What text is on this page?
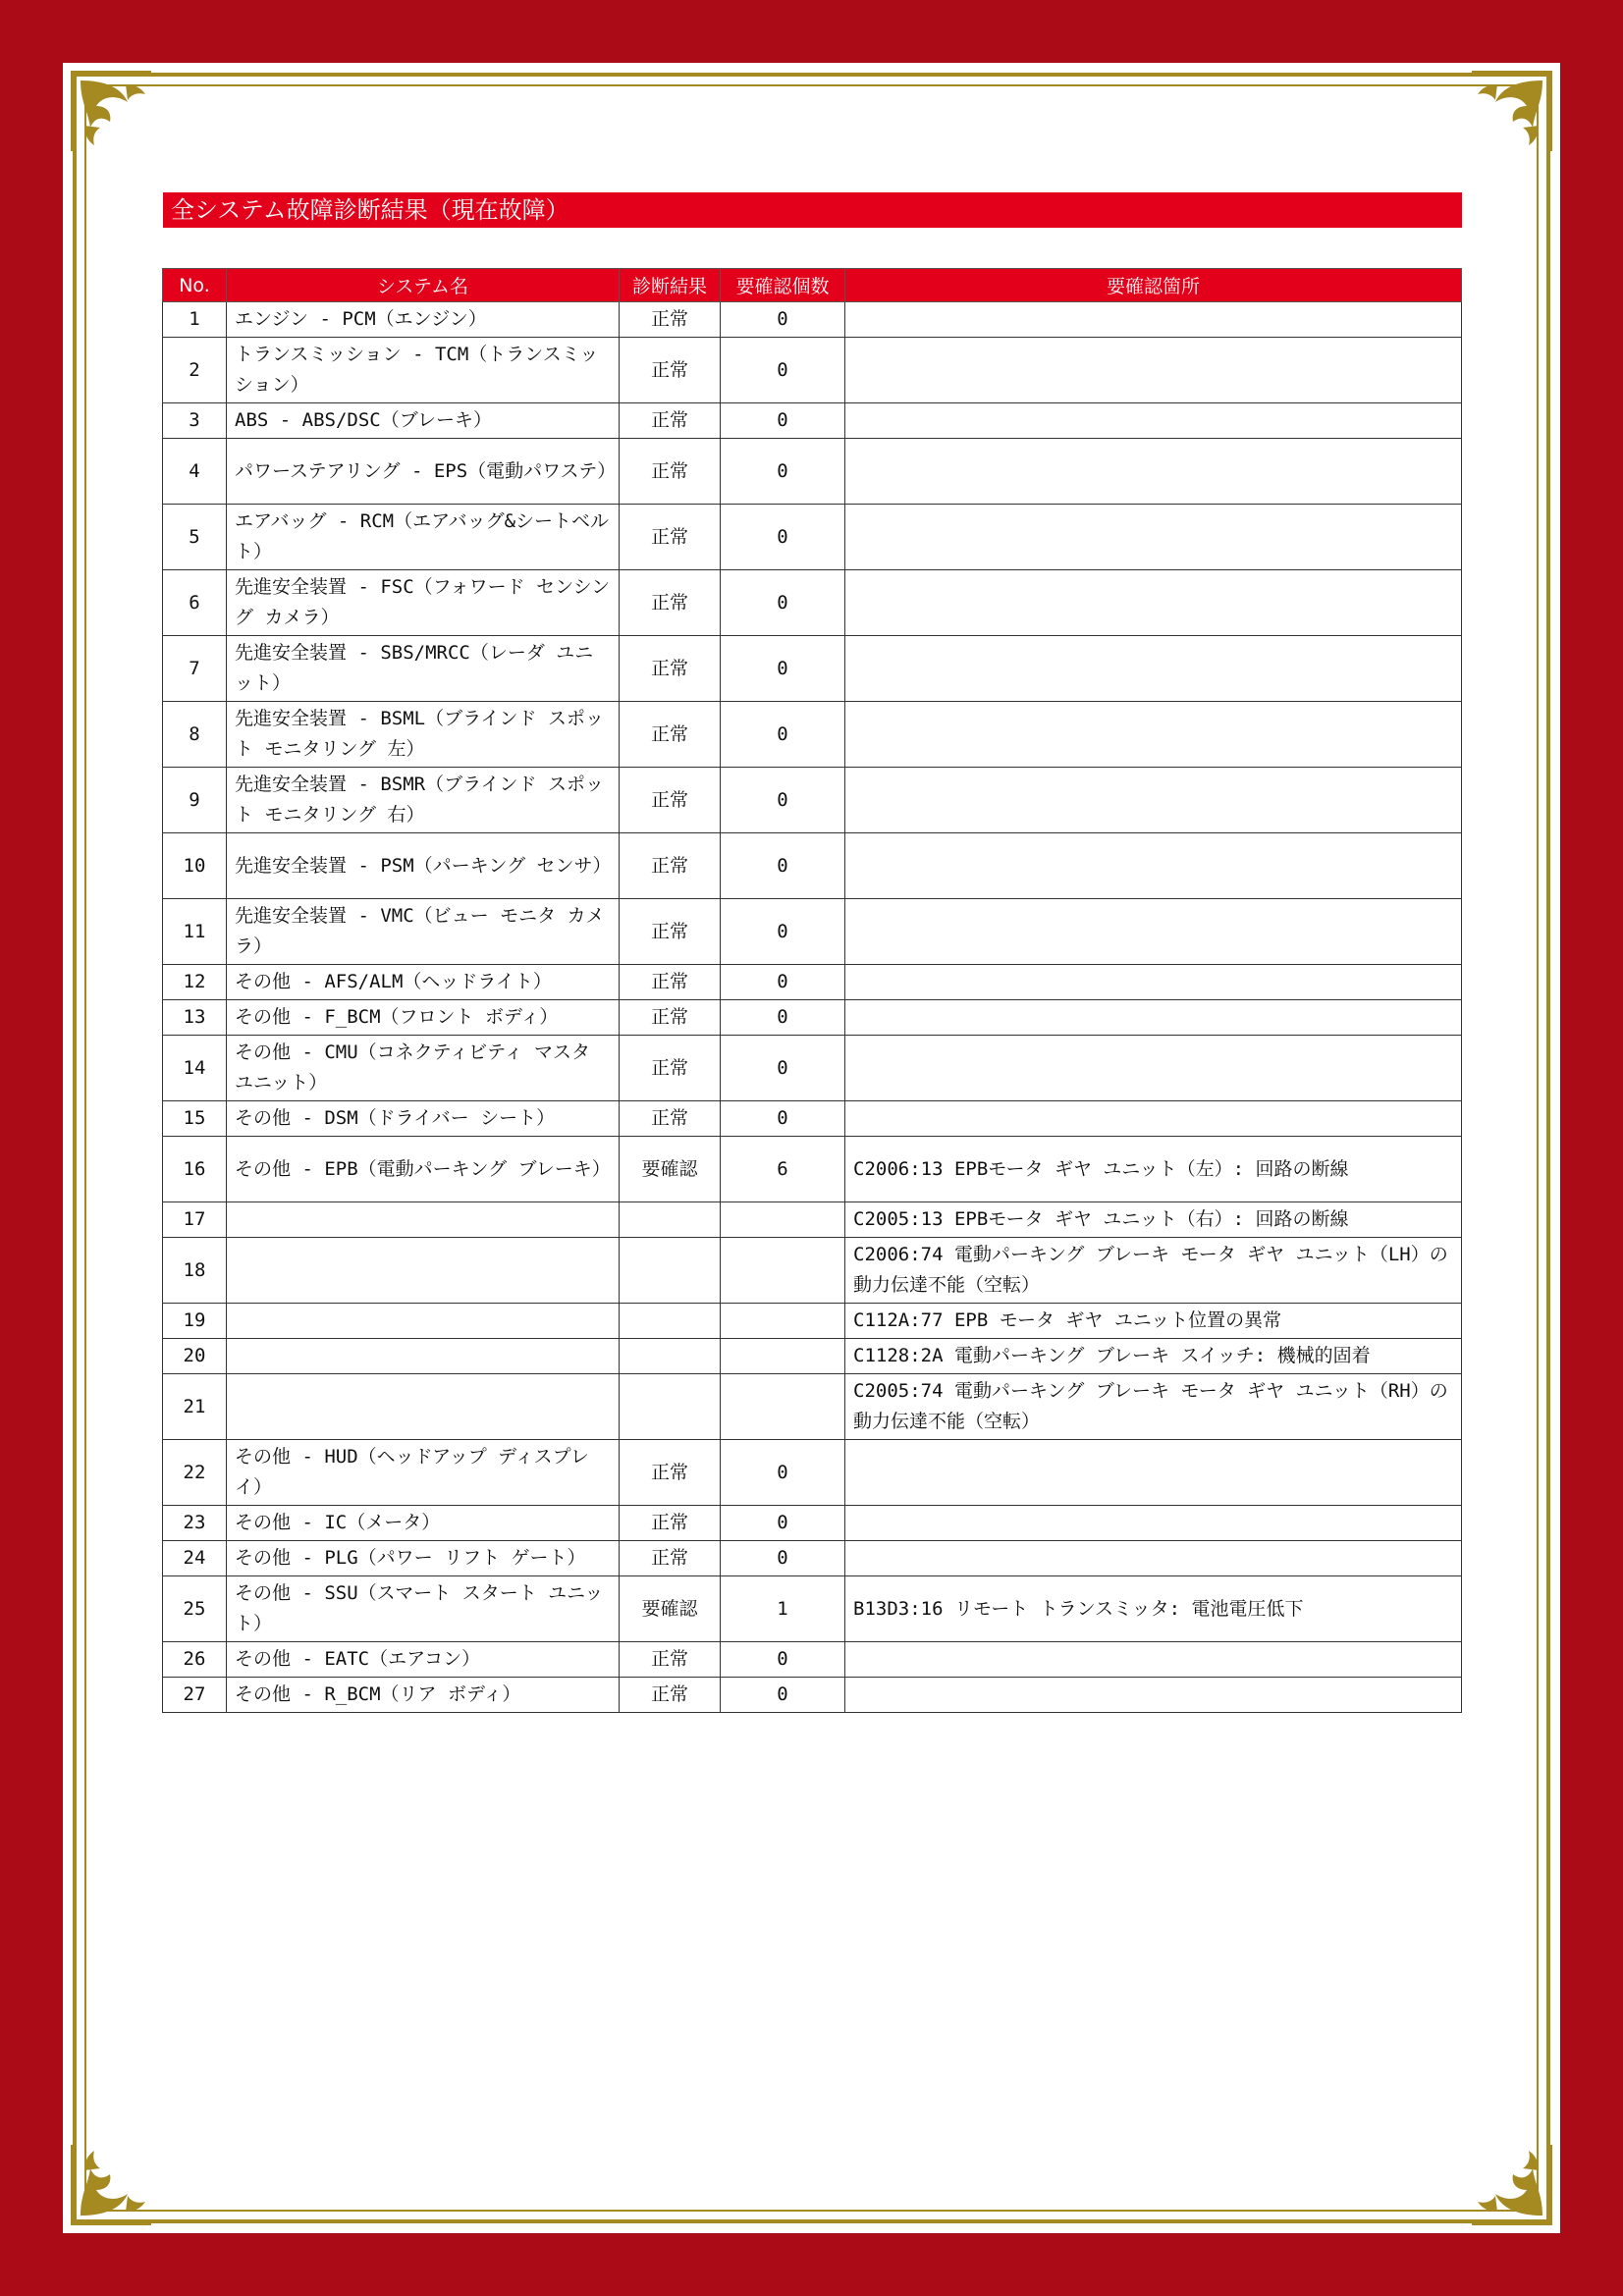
全システム故障診断結果（現在故障）
No.	システム名	診断結果	要確認個数	要確認箇所
1	エンジン - PCM（エンジン）	正常	0	
2	トランスミッション - TCM（トランスミッション）	正常	0	
3	ABS - ABS/DSC（ブレーキ）	正常	0	
4	パワーステアリング - EPS（電動パワステ）	正常	0	
5	エアバッグ - RCM（エアバッグ&シートベルト）	正常	0	
6	先進安全装置 - FSC（フォワード センシング カメラ）	正常	0	
7	先進安全装置 - SBS/MRCC（レーダ ユニット）	正常	0	
8	先進安全装置 - BSML（ブラインド スポット モニタリング 左）	正常	0	
9	先進安全装置 - BSMR（ブラインド スポット モニタリング 右）	正常	0	
10	先進安全装置 - PSM（パーキング センサ）	正常	0	
11	先進安全装置 - VMC（ビュー モニタ カメラ）	正常	0	
12	その他 - AFS/ALM（ヘッドライト）	正常	0	
13	その他 - F_BCM（フロント ボディ）	正常	0	
14	その他 - CMU（コネクティビティ マスタ ユニット）	正常	0	
15	その他 - DSM（ドライバー シート）	正常	0	
16	その他 - EPB（電動パーキング ブレーキ）	要確認	6	C2006:13 EPBモータ ギヤ ユニット（左）: 回路の断線
17				C2005:13 EPBモータ ギヤ ユニット（右）: 回路の断線
18				C2006:74 電動パーキング ブレーキ モータ ギヤ ユニット（LH）の動力伝達不能（空転）
19				C112A:77 EPB モータ ギヤ ユニット位置の異常
20				C1128:2A 電動パーキング ブレーキ スイッチ: 機械的固着
21				C2005:74 電動パーキング ブレーキ モータ ギヤ ユニット（RH）の動力伝達不能（空転）
22	その他 - HUD（ヘッドアップ ディスプレイ）	正常	0	
23	その他 - IC（メータ）	正常	0	
24	その他 - PLG（パワー リフト ゲート）	正常	0	
25	その他 - SSU（スマート スタート ユニット）	要確認	1	B13D3:16 リモート トランスミッタ: 電池電圧低下
26	その他 - EATC（エアコン）	正常	0	
27	その他 - R_BCM（リア ボディ）	正常	0	
